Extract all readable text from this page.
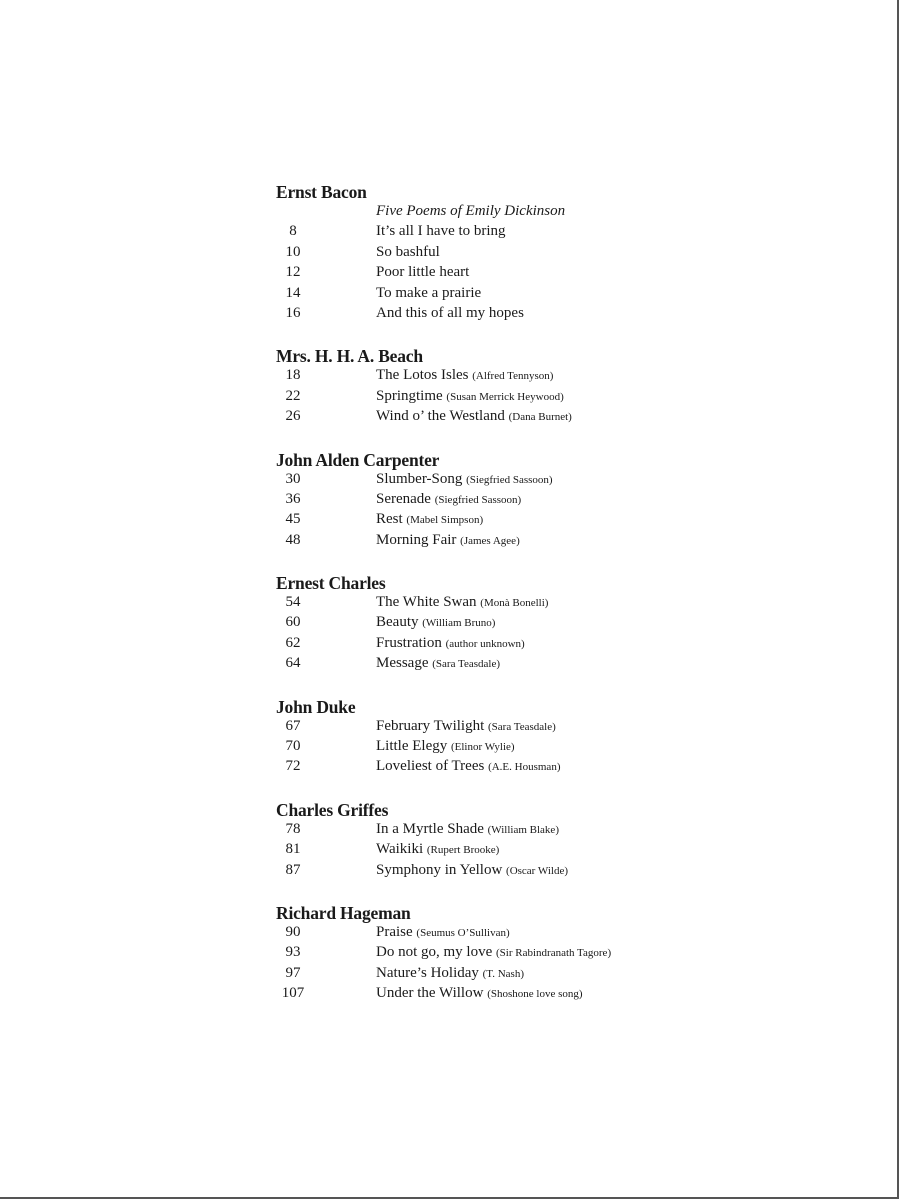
Ernst Bacon
Five Poems of Emily Dickinson
8	It’s all I have to bring
10	So bashful
12	Poor little heart
14	To make a prairie
16	And this of all my hopes
Mrs. H. H. A. Beach
18	The Lotos Isles (Alfred Tennyson)
22	Springtime (Susan Merrick Heywood)
26	Wind o’ the Westland (Dana Burnet)
John Alden Carpenter
30	Slumber-Song (Siegfried Sassoon)
36	Serenade (Siegfried Sassoon)
45	Rest (Mabel Simpson)
48	Morning Fair (James Agee)
Ernest Charles
54	The White Swan (Monà Bonelli)
60	Beauty (William Bruno)
62	Frustration (author unknown)
64	Message (Sara Teasdale)
John Duke
67	February Twilight (Sara Teasdale)
70	Little Elegy (Elinor Wylie)
72	Loveliest of Trees (A.E. Housman)
Charles Griffes
78	In a Myrtle Shade (William Blake)
81	Waikiki (Rupert Brooke)
87	Symphony in Yellow (Oscar Wilde)
Richard Hageman
90	Praise (Seumus O’Sullivan)
93	Do not go, my love (Sir Rabindranath Tagore)
97	Nature’s Holiday (T. Nash)
107	Under the Willow (Shoshone love song)
